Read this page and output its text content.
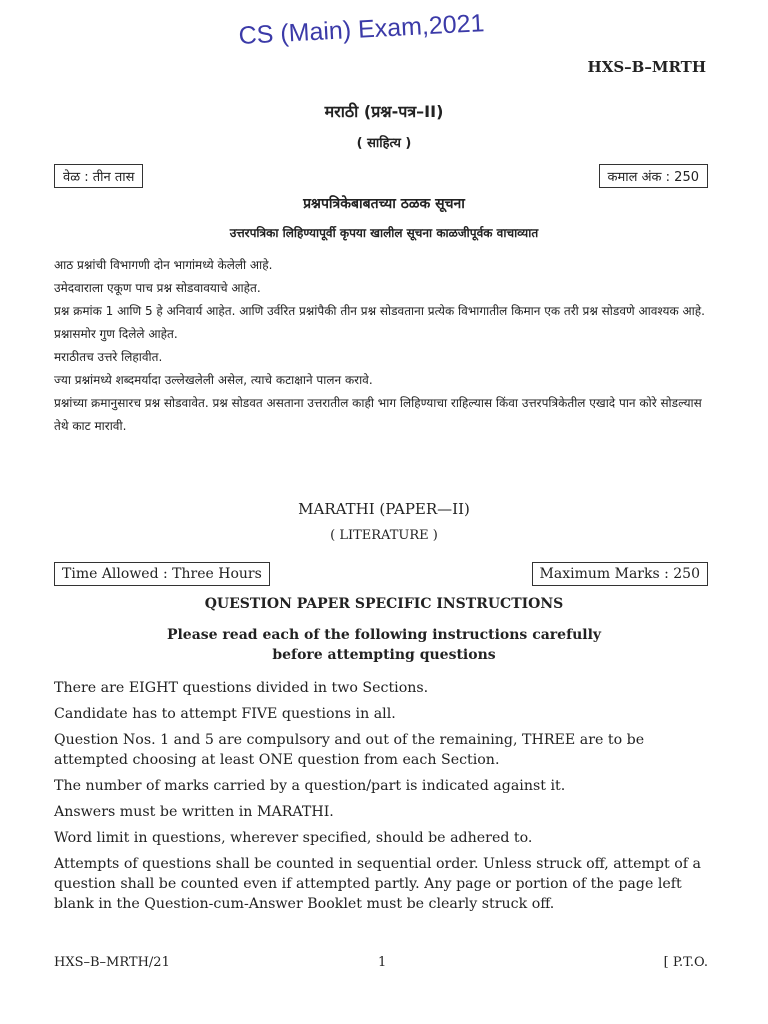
CS (Main) Exam,2021
HXS–B–MRTH
मराठी (प्रश्न-पत्र–II)
( साहित्य )
वेळ : तीन तास	कमाल अंक : 250
प्रश्नपत्रिकेबाबतच्या ठळक सूचना
उत्तरपत्रिका लिहिण्यापूर्वी कृपया खालील सूचना काळजीपूर्वक वाचाव्यात

आठ प्रश्नांची विभागणी दोन भागांमध्ये केलेली आहे.

उमेदवाराला एकूण पाच प्रश्न सोडवावयाचे आहेत.

प्रश्न क्रमांक 1 आणि 5 हे अनिवार्य आहेत. आणि उर्वरित प्रश्नांपैकी तीन प्रश्न सोडवताना प्रत्येक विभागातील किमान एक तरी प्रश्न सोडवणे आवश्यक आहे.

प्रश्नासमोर गुण दिलेले आहेत.

मराठीतच उत्तरे लिहावीत.

ज्या प्रश्नांमध्ये शब्दमर्यादा उल्लेखलेली असेल, त्याचे कटाक्षाने पालन करावे.

प्रश्नांच्या क्रमानुसारच प्रश्न सोडवावेत. प्रश्न सोडवत असताना उत्तरातील काही भाग लिहिण्याचा राहिल्यास किंवा उत्तरपत्रिकेतील एखादे पान कोरे सोडल्यास तेथे काट मारावी.

MARATHI (PAPER—II)
( LITERATURE )
Time Allowed : Three Hours	Maximum Marks : 250
QUESTION PAPER SPECIFIC INSTRUCTIONS
Please read each of the following instructions carefully
before attempting questions

There are EIGHT questions divided in two Sections.

Candidate has to attempt FIVE questions in all.

Question Nos. 1 and 5 are compulsory and out of the remaining, THREE are to be attempted choosing at least ONE question from each Section.

The number of marks carried by a question/part is indicated against it.

Answers must be written in MARATHI.

Word limit in questions, wherever specified, should be adhered to.

Attempts of questions shall be counted in sequential order. Unless struck off, attempt of a question shall be counted even if attempted partly. Any page or portion of the page left blank in the Question-cum-Answer Booklet must be clearly struck off.

HXS–B–MRTH/21	1	[ P.T.O.
